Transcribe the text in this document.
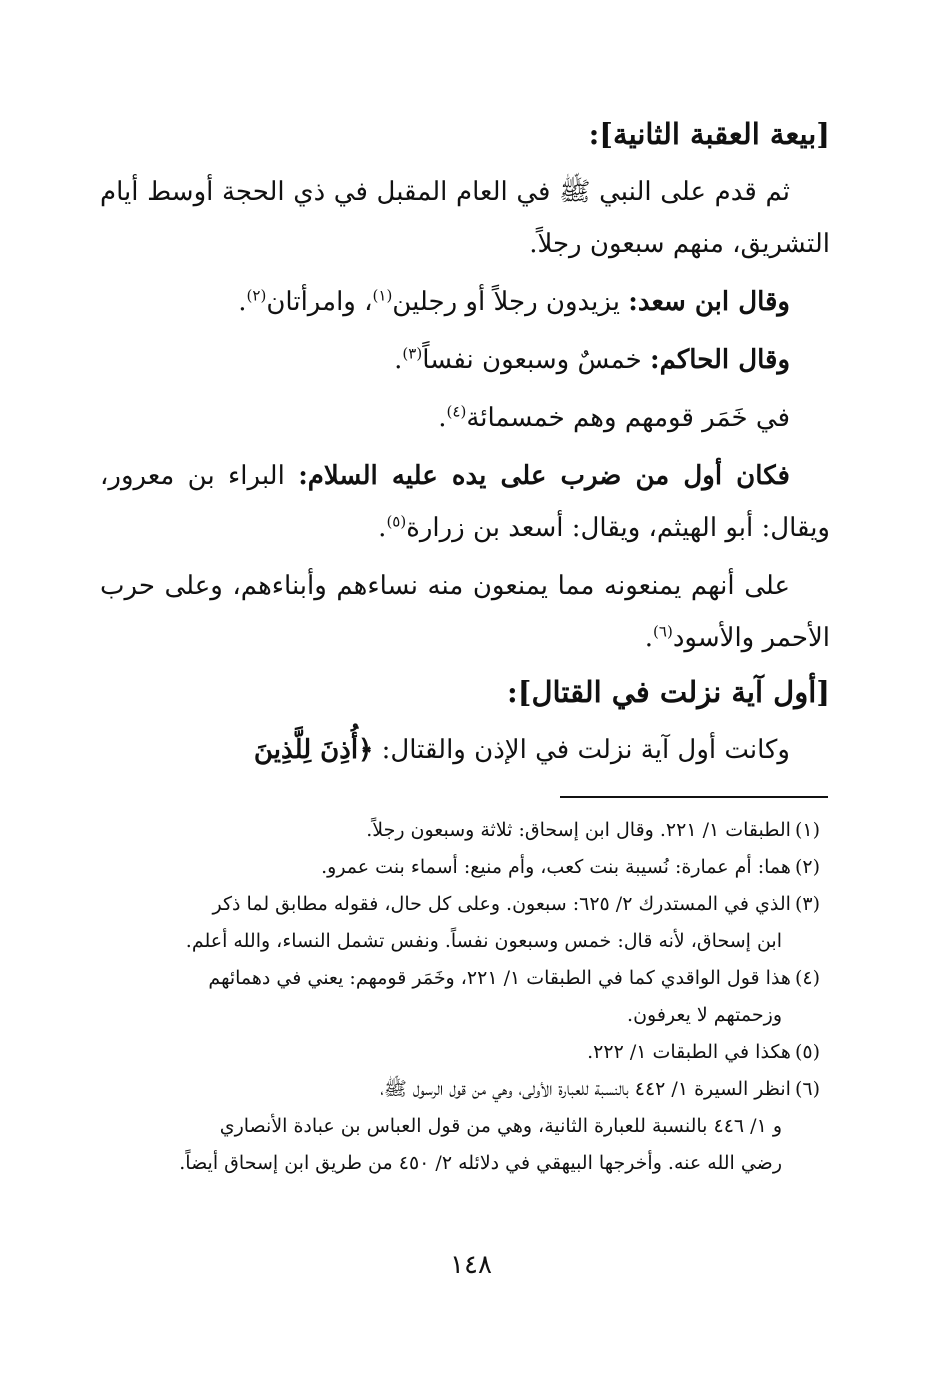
[بيعة العقبة الثانية]:

ثم قدم على النبي ﷺ في العام المقبل في ذي الحجة أوسط أيام التشريق، منهم سبعون رجلاً.

وقال ابن سعد: يزيدون رجلاً أو رجلين$^{(١)}$، وامرأتان$^{(٢)}$.

وقال الحاكم: خمسٌ وسبعون نفساً$^{(٣)}$.

في خَمَر قومهم وهم خمسمائة$^{(٤)}$.

فكان أول من ضرب على يده عليه السلام: البراء بن معرور، ويقال: أبو الهيثم، ويقال: أسعد بن زرارة$^{(٥)}$.

على أنهم يمنعونه مما يمنعون منه نساءهم وأبناءهم، وعلى حرب الأحمر والأسود$^{(٦)}$.

[أول آية نزلت في القتال]:

وكانت أول آية نزلت في الإذن والقتال: ﴿أُذِنَ لِلَّذِينَ

(١)الطبقات ١/ ٢٢١. وقال ابن إسحاق: ثلاثة وسبعون رجلاً.

(٢)هما: أم عمارة: نُسيبة بنت كعب، وأم منيع: أسماء بنت عمرو.

(٣)الذي في المستدرك ٢/ ٦٢٥: سبعون. وعلى كل حال، فقوله مطابق لما ذكر
ابن إسحاق، لأنه قال: خمس وسبعون نفساً. ونفس تشمل النساء، والله أعلم.

(٤)هذا قول الواقدي كما في الطبقات ١/ ٢٢١، وخَمَر قومهم: يعني في دهمائهم
وزحمتهم لا يعرفون.

(٥)هكذا في الطبقات ١/ ٢٢٢.

(٦)انظر السيرة ١/ ٤٤٢ بالنسبة للعبارة الأولى، وهي من قول الرسول ﷺ،
و ١/ ٤٤٦ بالنسبة للعبارة الثانية، وهي من قول العباس بن عبادة الأنصاري
رضي الله عنه. وأخرجها البيهقي في دلائله ٢/ ٤٥٠ من طريق ابن إسحاق أيضاً.

١٤٨
